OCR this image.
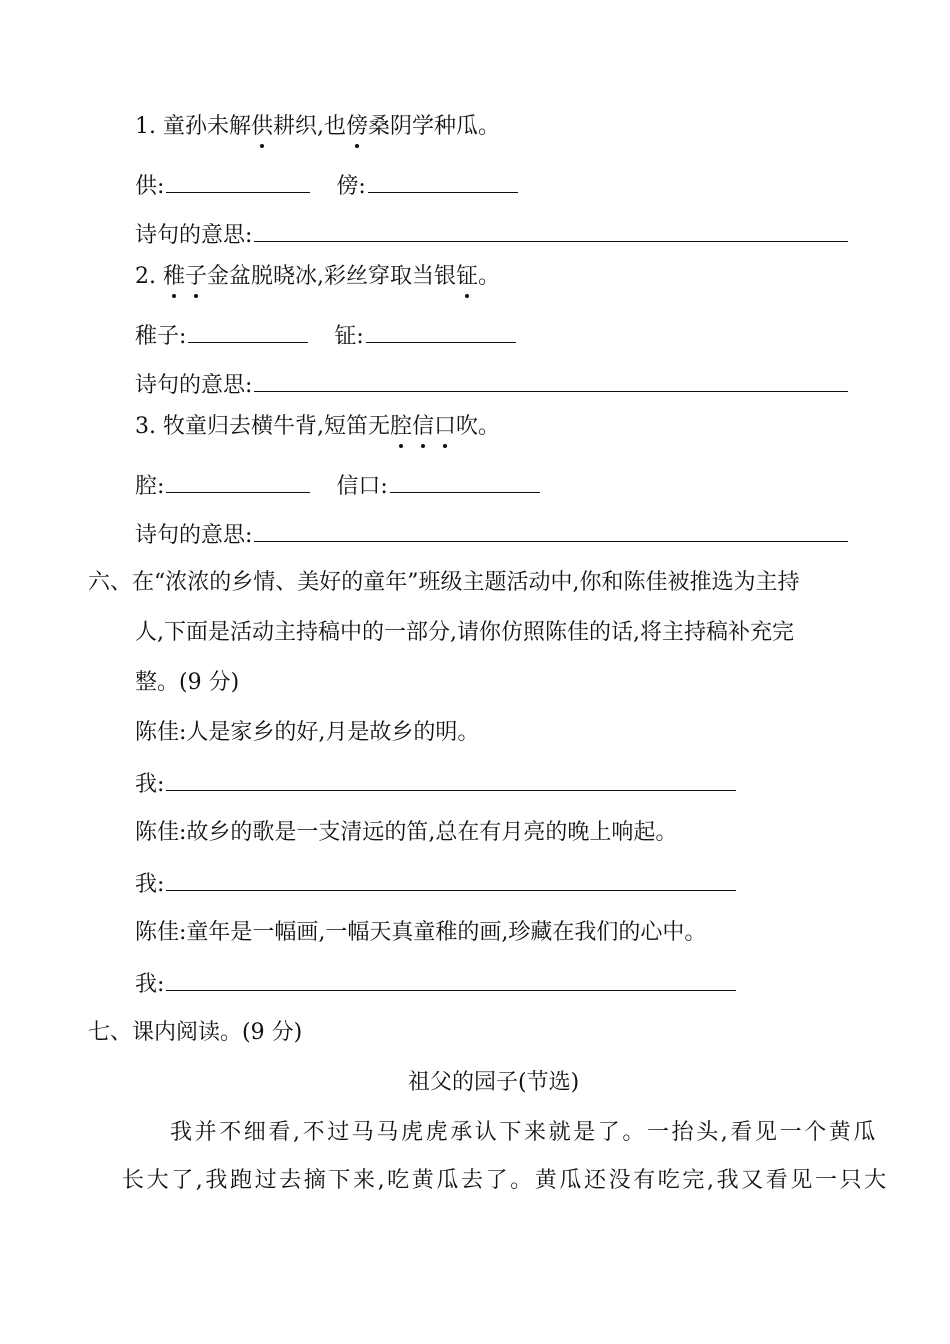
1. 童孙未解供耕织,也傍桑阴学种瓜。
供:	傍:
诗句的意思:
2. 稚子金盆脱晓冰,彩丝穿取当银钲。
稚子:	钲:
诗句的意思:
3. 牧童归去横牛背,短笛无腔信口吹。
腔:	信口:
诗句的意思:
六、在“浓浓的乡情、美好的童年”班级主题活动中,你和陈佳被推选为主持
人,下面是活动主持稿中的一部分,请你仿照陈佳的话,将主持稿补充完
整。(9 分)
陈佳:人是家乡的好,月是故乡的明。
我:
陈佳:故乡的歌是一支清远的笛,总在有月亮的晚上响起。
我:
陈佳:童年是一幅画,一幅天真童稚的画,珍藏在我们的心中。
我:
七、课内阅读。(9 分)
祖父的园子(节选)
我并不细看,不过马马虎虎承认下来就是了。一抬头,看见一个黄瓜
长大了,我跑过去摘下来,吃黄瓜去了。黄瓜还没有吃完,我又看见一只大
